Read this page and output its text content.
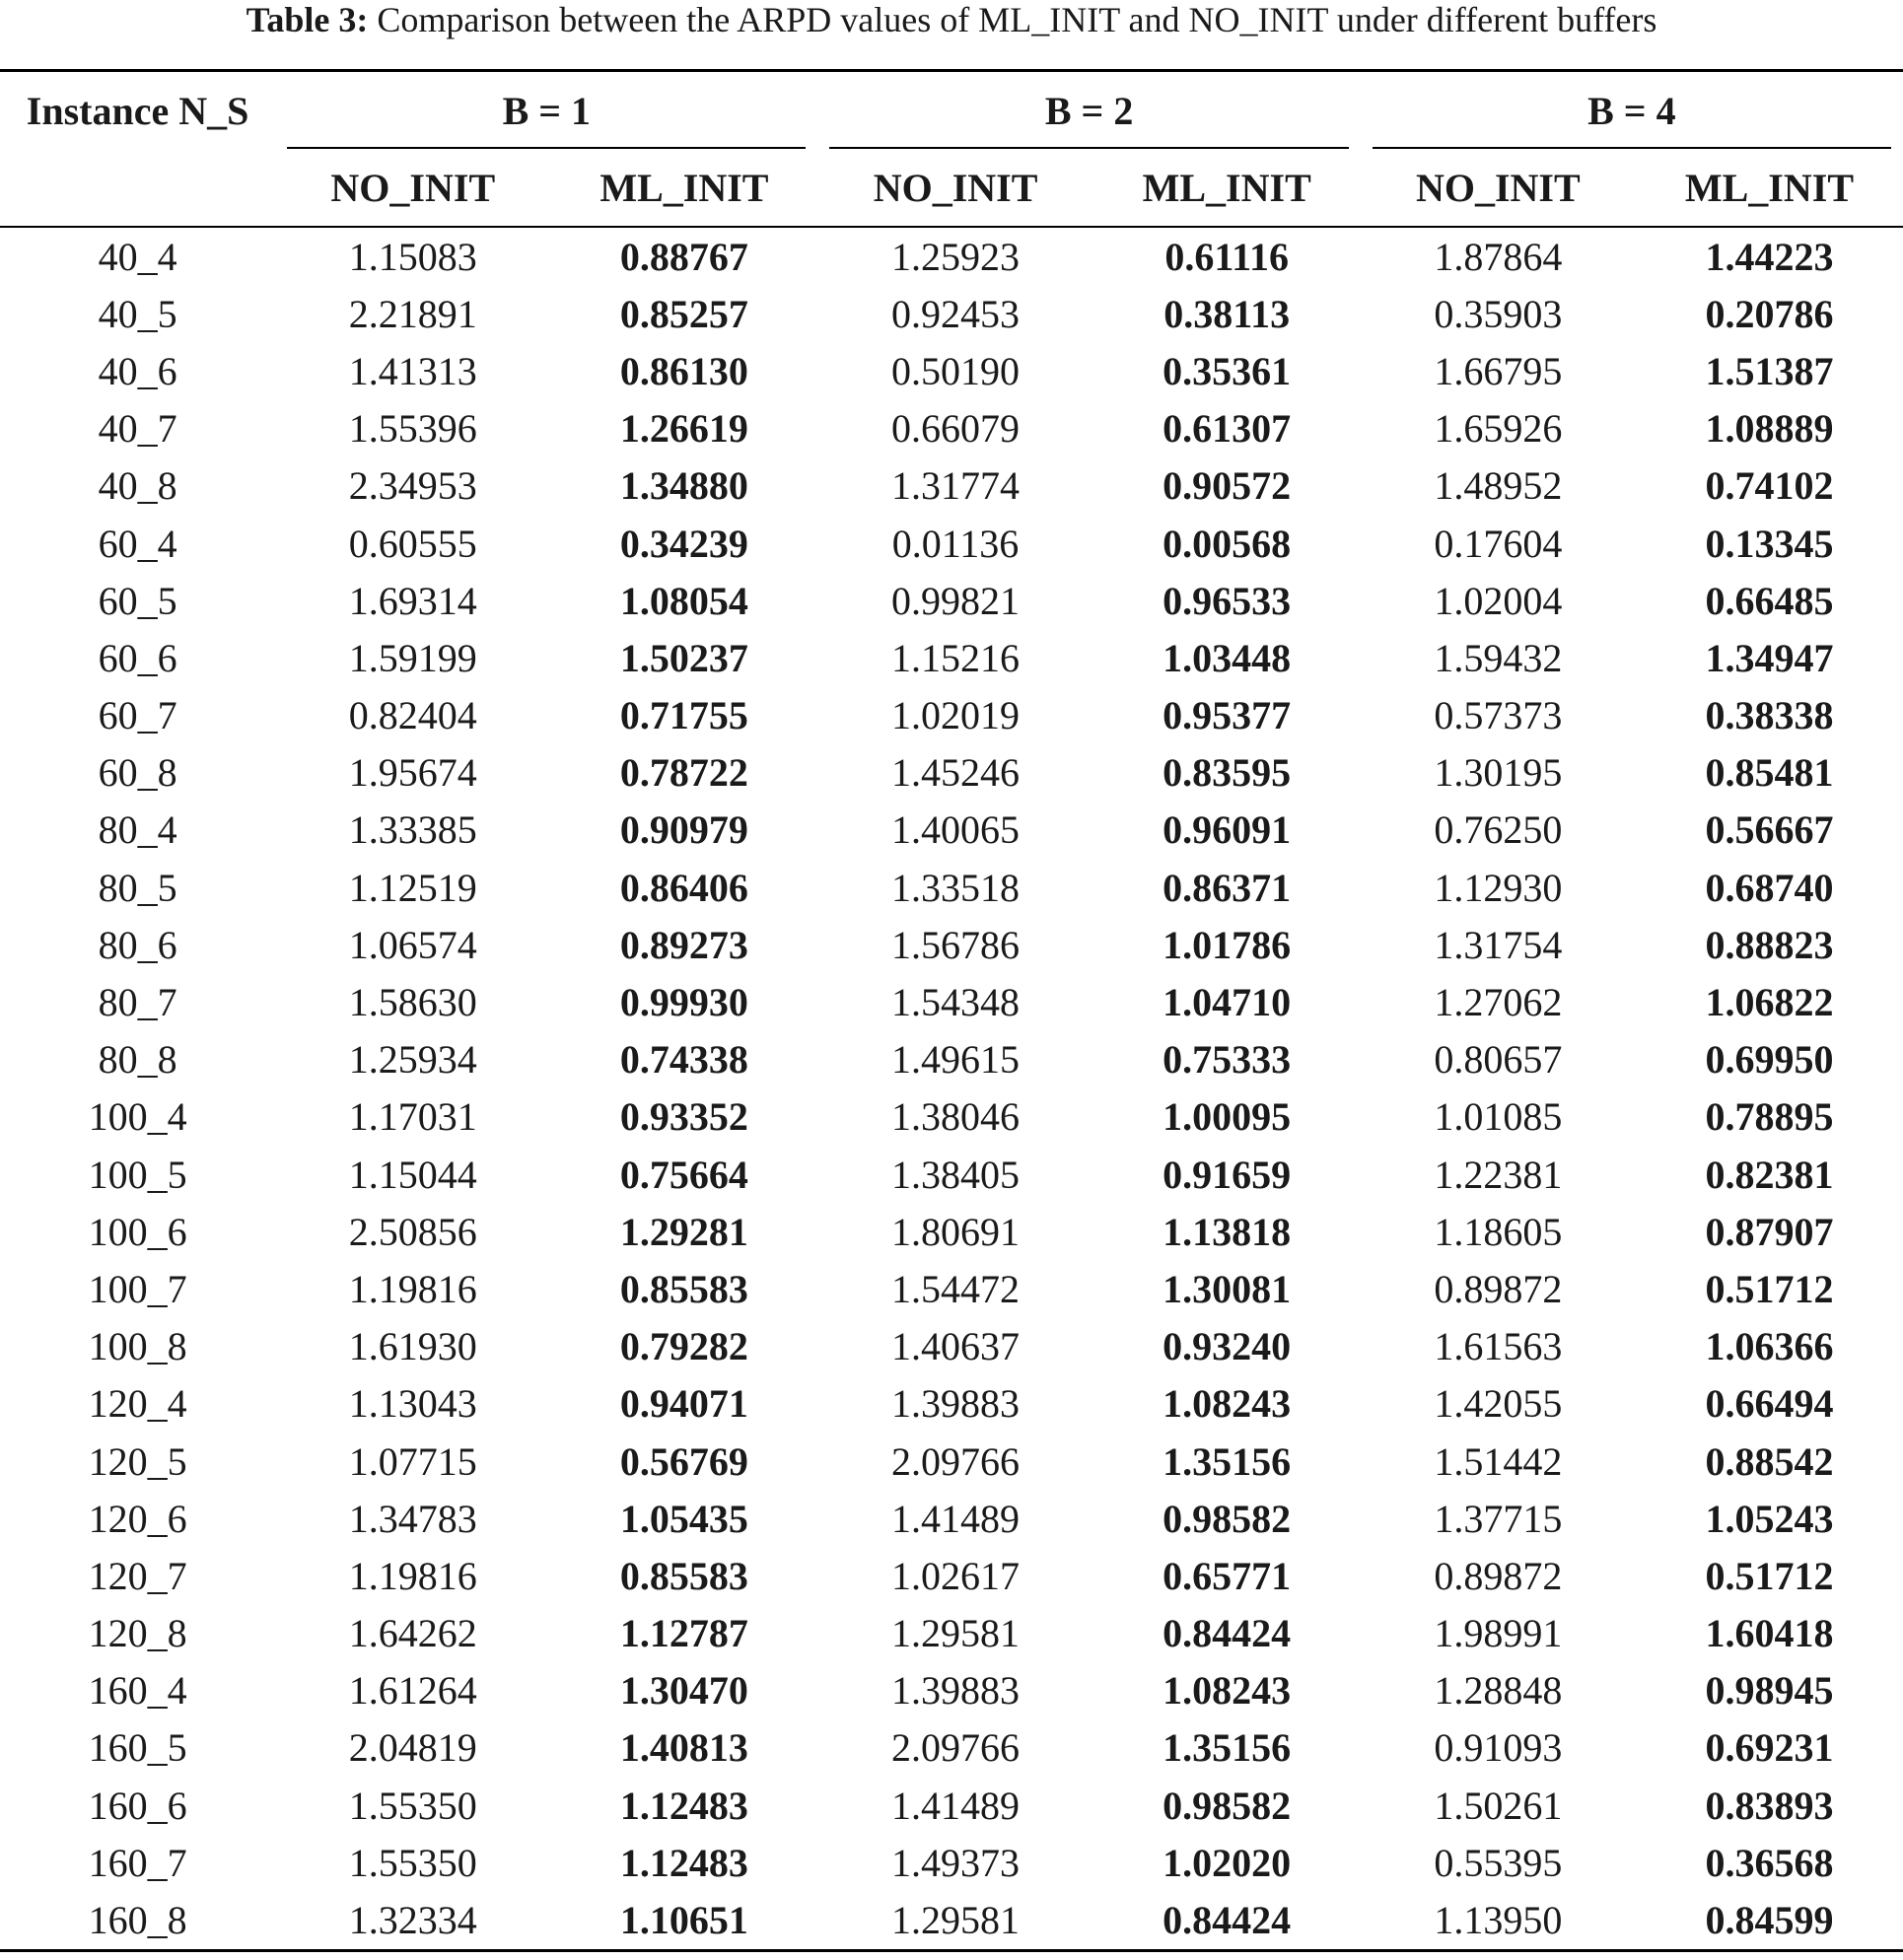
Table 3: Comparison between the ARPD values of ML_INIT and NO_INIT under different buffers
Instance N_S	B = 1		B = 2		B = 4	

	NO_INIT	ML_INIT	NO_INIT	ML_INIT	NO_INIT	ML_INIT
40_4	1.15083	0.88767	1.25923	0.61116	1.87864	1.44223
40_5	2.21891	0.85257	0.92453	0.38113	0.35903	0.20786
40_6	1.41313	0.86130	0.50190	0.35361	1.66795	1.51387
40_7	1.55396	1.26619	0.66079	0.61307	1.65926	1.08889
40_8	2.34953	1.34880	1.31774	0.90572	1.48952	0.74102
60_4	0.60555	0.34239	0.01136	0.00568	0.17604	0.13345
60_5	1.69314	1.08054	0.99821	0.96533	1.02004	0.66485
60_6	1.59199	1.50237	1.15216	1.03448	1.59432	1.34947
60_7	0.82404	0.71755	1.02019	0.95377	0.57373	0.38338
60_8	1.95674	0.78722	1.45246	0.83595	1.30195	0.85481
80_4	1.33385	0.90979	1.40065	0.96091	0.76250	0.56667
80_5	1.12519	0.86406	1.33518	0.86371	1.12930	0.68740
80_6	1.06574	0.89273	1.56786	1.01786	1.31754	0.88823
80_7	1.58630	0.99930	1.54348	1.04710	1.27062	1.06822
80_8	1.25934	0.74338	1.49615	0.75333	0.80657	0.69950
100_4	1.17031	0.93352	1.38046	1.00095	1.01085	0.78895
100_5	1.15044	0.75664	1.38405	0.91659	1.22381	0.82381
100_6	2.50856	1.29281	1.80691	1.13818	1.18605	0.87907
100_7	1.19816	0.85583	1.54472	1.30081	0.89872	0.51712
100_8	1.61930	0.79282	1.40637	0.93240	1.61563	1.06366
120_4	1.13043	0.94071	1.39883	1.08243	1.42055	0.66494
120_5	1.07715	0.56769	2.09766	1.35156	1.51442	0.88542
120_6	1.34783	1.05435	1.41489	0.98582	1.37715	1.05243
120_7	1.19816	0.85583	1.02617	0.65771	0.89872	0.51712
120_8	1.64262	1.12787	1.29581	0.84424	1.98991	1.60418
160_4	1.61264	1.30470	1.39883	1.08243	1.28848	0.98945
160_5	2.04819	1.40813	2.09766	1.35156	0.91093	0.69231
160_6	1.55350	1.12483	1.41489	0.98582	1.50261	0.83893
160_7	1.55350	1.12483	1.49373	1.02020	0.55395	0.36568
160_8	1.32334	1.10651	1.29581	0.84424	1.13950	0.84599
